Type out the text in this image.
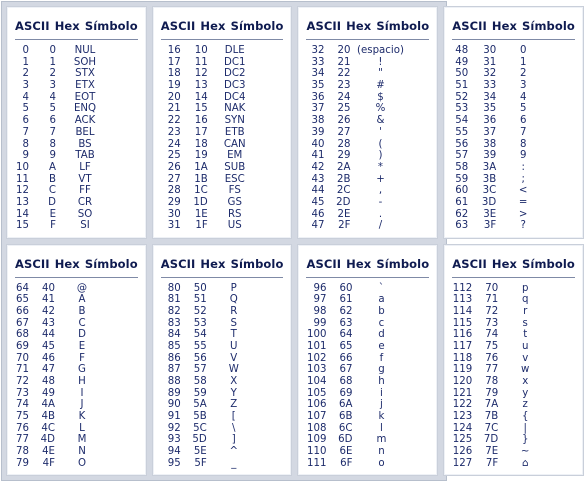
ASCII Hex Símbolo
0	0	NUL
1	1	SOH
2	2	STX
3	3	ETX
4	4	EOT
5	5	ENQ
6	6	ACK
7	7	BEL
8	8	BS
9	9	TAB
10	A	LF
11	B	VT
12	C	FF
13	D	CR
14	E	SO
15	F	SI
ASCII Hex Símbolo
16	10	DLE
17	11	DC1
18	12	DC2
19	13	DC3
20	14	DC4
21	15	NAK
22	16	SYN
23	17	ETB
24	18	CAN
25	19	EM
26	1A	SUB
27	1B	ESC
28	1C	FS
29	1D	GS
30	1E	RS
31	1F	US
ASCII Hex Símbolo
32	20 (espacio)
33	21	!
34	22	"
35	23	#
36	24	$
37	25	%
38	26	&
39	27	'
40	28	(
41	29	)
42	2A	*
43	2B	+
44	2C	,
45	2D	-
46	2E	.
47	2F	/
ASCII Hex Símbolo
48	30	0
49	31	1
50	32	2
51	33	3
52	34	4
53	35	5
54	36	6
55	37	7
56	38	8
57	39	9
58	3A	:
59	3B	;
60	3C	<
61	3D	=
62	3E	>
63	3F	?
ASCII Hex Símbolo
64	40	@
65	41	A
66	42	B
67	43	C
68	44	D
69	45	E
70	46	F
71	47	G
72	48	H
73	49	I
74	4A	J
75	4B	K
76	4C	L
77	4D	M
78	4E	N
79	4F	O
ASCII Hex Símbolo
80	50	P
81	51	Q
82	52	R
83	53	S
84	54	T
85	55	U
86	56	V
87	57	W
88	58	X
89	59	Y
90	5A	Z
91	5B	[
92	5C	\
93	5D	]
94	5E	^
95	5F	_
ASCII Hex Símbolo
96	60	`
97	61	a
98	62	b
99	63	c
100	64	d
101	65	e
102	66	f
103	67	g
104	68	h
105	69	i
106	6A	j
107	6B	k
108	6C	l
109	6D	m
110	6E	n
111	6F	o
ASCII Hex Símbolo
112	70	p
113	71	q
114	72	r
115	73	s
116	74	t
117	75	u
118	76	v
119	77	w
120	78	x
121	79	y
122	7A	z
123	7B	{
124	7C	|
125	7D	}
126	7E	~
127	7F	⌂
